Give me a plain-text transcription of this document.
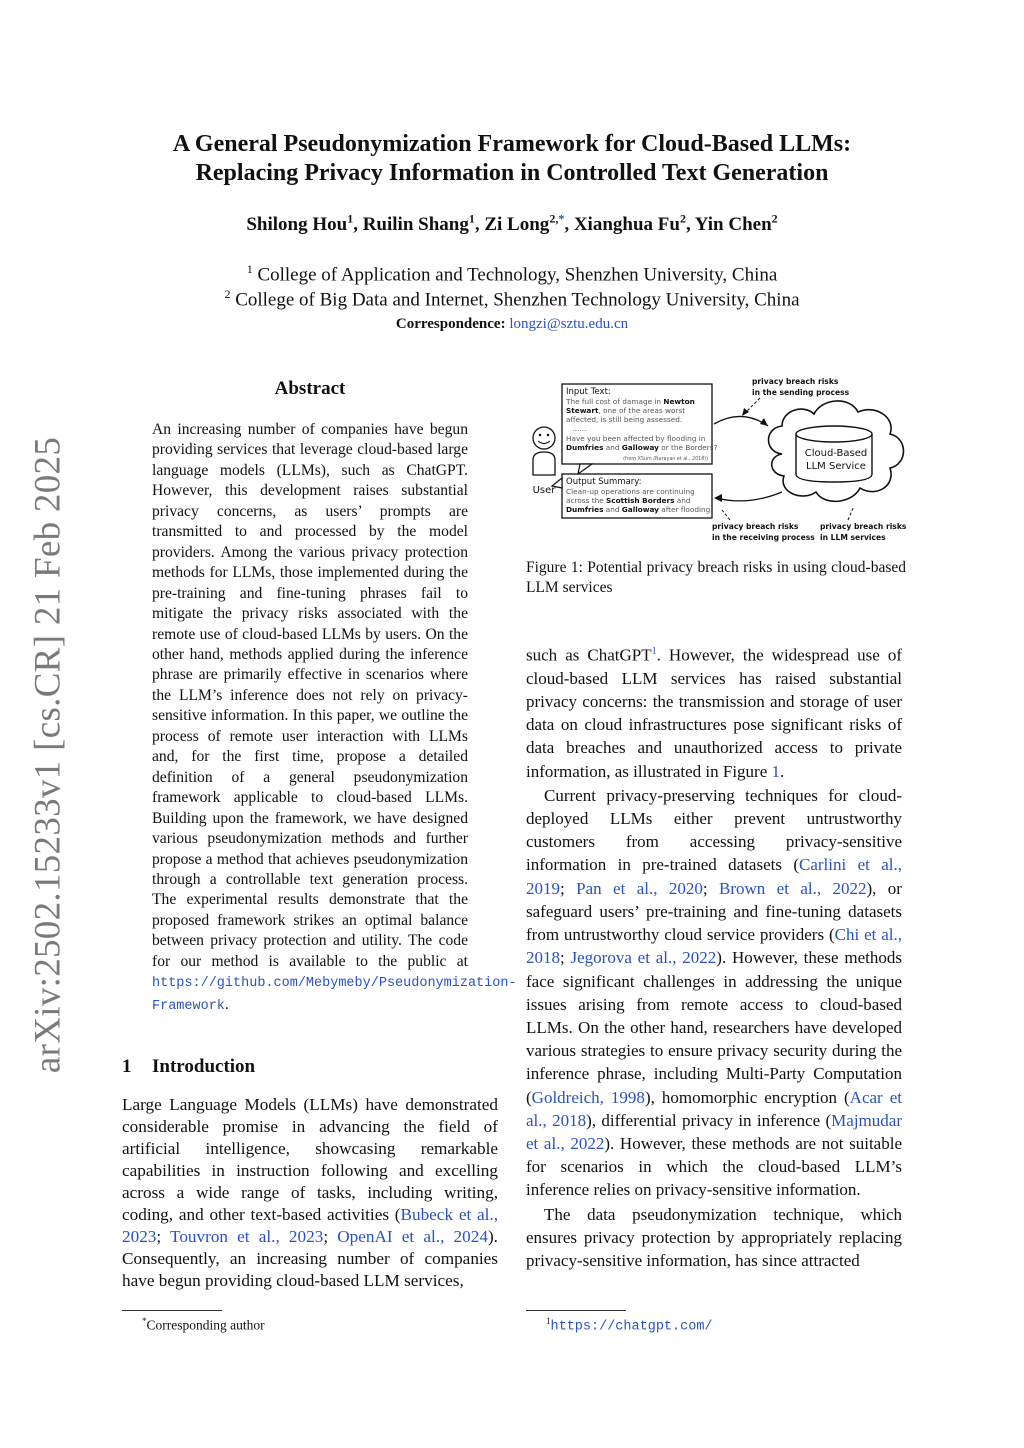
arXiv:2502.15233v1 [cs.CR] 21 Feb 2025
A General Pseudonymization Framework for Cloud-Based LLMs:
Replacing Privacy Information in Controlled Text Generation
Shilong Hou$^1$, Ruilin Shang$^1$, Zi Long$^{2,*}$, Xianghua Fu$^2$, Yin Chen$^2$
$^1$ College of Application and Technology, Shenzhen University, China
$^2$ College of Big Data and Internet, Shenzhen Technology University, China
Correspondence: longzi@sztu.edu.cn
Abstract
An increasing number of companies have begun providing services that leverage cloud-based large language models (LLMs), such as ChatGPT. However, this development raises substantial privacy concerns, as users’ prompts are transmitted to and processed by the model providers. Among the various privacy protection methods for LLMs, those implemented during the pre-training and fine-tuning phrases fail to mitigate the privacy risks associated with the remote use of cloud-based LLMs by users. On the other hand, methods applied during the inference phrase are primarily effective in scenarios where the LLM’s inference does not rely on privacy-sensitive information. In this paper, we outline the process of remote user interaction with LLMs and, for the first time, propose a detailed definition of a general pseudonymization framework applicable to cloud-based LLMs. Building upon the framework, we have designed various pseudonymization methods and further propose a method that achieves pseudonymization through a controllable text generation process. The experimental results demonstrate that the proposed framework strikes an optimal balance between privacy protection and utility. The code for our method is available to the public at https://github.com/Mebymeby/Pseudonymization-Framework.
1 Introduction

Large Language Models (LLMs) have demonstrated considerable promise in advancing the field of artificial intelligence, showcasing remarkable capabilities in instruction following and excelling across a wide range of tasks, including writing, coding, and other text-based activities (Bubeck et al., 2023; Touvron et al., 2023; OpenAI et al., 2024). Consequently, an increasing number of companies have begun providing cloud-based LLM services,

*Corresponding author
Input Text:
The full cost of damage in Newton
Stewart, one of the areas worst
affected, is still being assessed.
……
Have you been affected by flooding in
Dumfries and Galloway or the Borders?
(from XSum (Narayan et al., 2018))
Output Summary:
Clean-up operations are continuing
across the Scottish Borders and
Dumfries and Galloway after flooding.
User
Cloud-Based
LLM Service
privacy breach risks
in the sending process
privacy breach risks
in the receiving process
privacy breach risks
in LLM services
Figure 1: Potential privacy breach risks in using cloud-based LLM services

such as ChatGPT$^1$. However, the widespread use of cloud-based LLM services has raised substantial privacy concerns: the transmission and storage of user data on cloud infrastructures pose significant risks of data breaches and unauthorized access to private information, as illustrated in Figure 1.

Current privacy-preserving techniques for cloud-deployed LLMs either prevent untrustworthy customers from accessing privacy-sensitive information in pre-trained datasets (Carlini et al., 2019; Pan et al., 2020; Brown et al., 2022), or safeguard users’ pre-training and fine-tuning datasets from untrustworthy cloud service providers (Chi et al., 2018; Jegorova et al., 2022). However, these methods face significant challenges in addressing the unique issues arising from remote access to cloud-based LLMs. On the other hand, researchers have developed various strategies to ensure privacy security during the inference phrase, including Multi-Party Computation (Goldreich, 1998), homomorphic encryption (Acar et al., 2018), differential privacy in inference (Majmudar et al., 2022). However, these methods are not suitable for scenarios in which the cloud-based LLM’s inference relies on privacy-sensitive information.

The data pseudonymization technique, which ensures privacy protection by appropriately replacing privacy-sensitive information, has since attracted

$^1$https://chatgpt.com/
